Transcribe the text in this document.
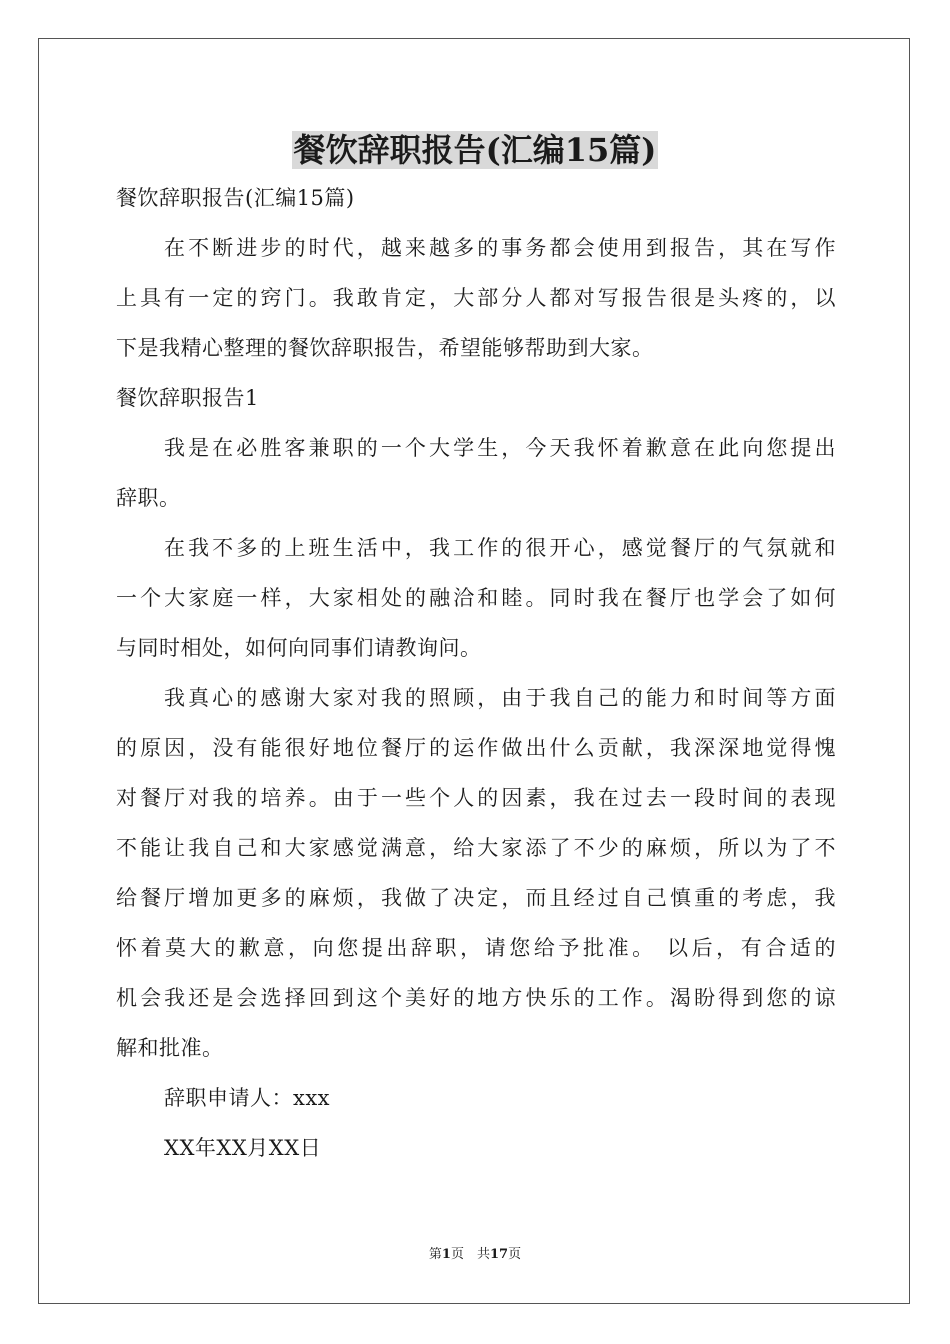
餐饮辞职报告(汇编15篇)
餐饮辞职报告(汇编15篇)
在不断进步的时代，越来越多的事务都会使用到报告，其在写作
上具有一定的窍门。我敢肯定，大部分人都对写报告很是头疼的，以
下是我精心整理的餐饮辞职报告，希望能够帮助到大家。
餐饮辞职报告1
我是在必胜客兼职的一个大学生，今天我怀着歉意在此向您提出
辞职。
在我不多的上班生活中，我工作的很开心，感觉餐厅的气氛就和
一个大家庭一样，大家相处的融洽和睦。同时我在餐厅也学会了如何
与同时相处，如何向同事们请教询问。
我真心的感谢大家对我的照顾，由于我自己的能力和时间等方面
的原因，没有能很好地位餐厅的运作做出什么贡献，我深深地觉得愧
对餐厅对我的培养。由于一些个人的因素，我在过去一段时间的表现
不能让我自己和大家感觉满意，给大家添了不少的麻烦，所以为了不
给餐厅增加更多的麻烦，我做了决定，而且经过自己慎重的考虑，我
怀着莫大的歉意，向您提出辞职，请您给予批准。 以后，有合适的
机会我还是会选择回到这个美好的地方快乐的工作。渴盼得到您的谅
解和批准。
辞职申请人：xxx
XX年XX月XX日
第1页　共17页
